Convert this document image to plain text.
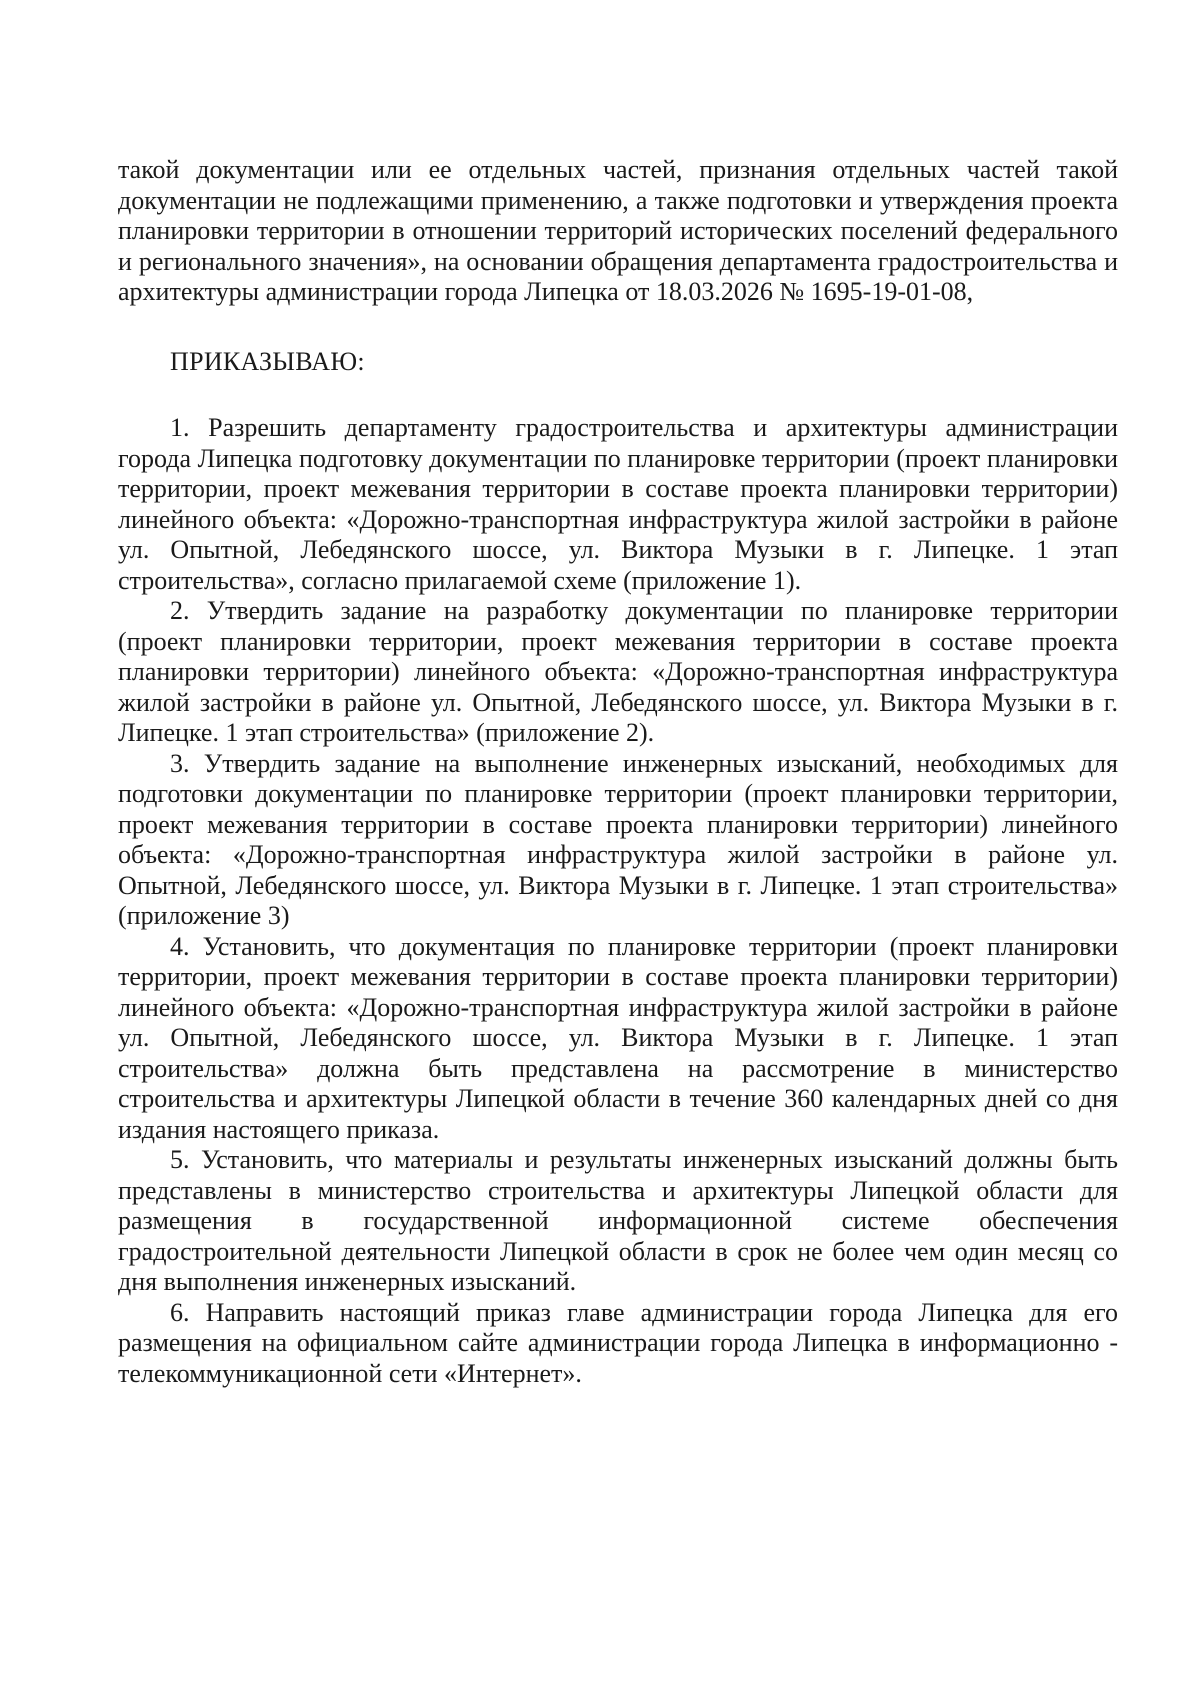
такой документации или ее отдельных частей, признания отдельных частей такой документации не подлежащими применению, а также подготовки и утверждения проекта планировки территории в отношении территорий исторических поселений федерального и регионального значения», на основании обращения департамента градостроительства и архитектуры администрации города Липецка от 18.03.2026 № 1695-19-01-08,

ПРИКАЗЫВАЮ:

1. Разрешить департаменту градостроительства и архитектуры администрации города Липецка подготовку документации по планировке территории (проект планировки территории, проект межевания территории в составе проекта планировки территории) линейного объекта: «Дорожно-транспортная инфраструктура жилой застройки в районе ул. Опытной, Лебедянского шоссе, ул. Виктора Музыки в г. Липецке. 1 этап строительства», согласно прилагаемой схеме (приложение 1).

2. Утвердить задание на разработку документации по планировке территории (проект планировки территории, проект межевания территории в составе проекта планировки территории) линейного объекта: «Дорожно-транспортная инфраструктура жилой застройки в районе ул. Опытной, Лебедянского шоссе, ул. Виктора Музыки в г. Липецке. 1 этап строительства» (приложение 2).

3. Утвердить задание на выполнение инженерных изысканий, необходимых для подготовки документации по планировке территории (проект планировки территории, проект межевания территории в составе проекта планировки территории) линейного объекта: «Дорожно-транспортная инфраструктура жилой застройки в районе ул. Опытной, Лебедянского шоссе, ул. Виктора Музыки в г. Липецке. 1 этап строительства» (приложение 3)

4. Установить, что документация по планировке территории (проект планировки территории, проект межевания территории в составе проекта планировки территории) линейного объекта: «Дорожно-транспортная инфраструктура жилой застройки в районе ул. Опытной, Лебедянского шоссе, ул. Виктора Музыки в г. Липецке. 1 этап строительства» должна быть представлена на рассмотрение в министерство строительства и архитектуры Липецкой области в течение 360 календарных дней со дня издания настоящего приказа.

5. Установить, что материалы и результаты инженерных изысканий должны быть представлены в министерство строительства и архитектуры Липецкой области для размещения в государственной информационной системе обеспечения градостроительной деятельности Липецкой области в срок не более чем один месяц со дня выполнения инженерных изысканий.

6. Направить настоящий приказ главе администрации города Липецка для его размещения на официальном сайте администрации города Липецка в информационно - телекоммуникационной сети «Интернет».
